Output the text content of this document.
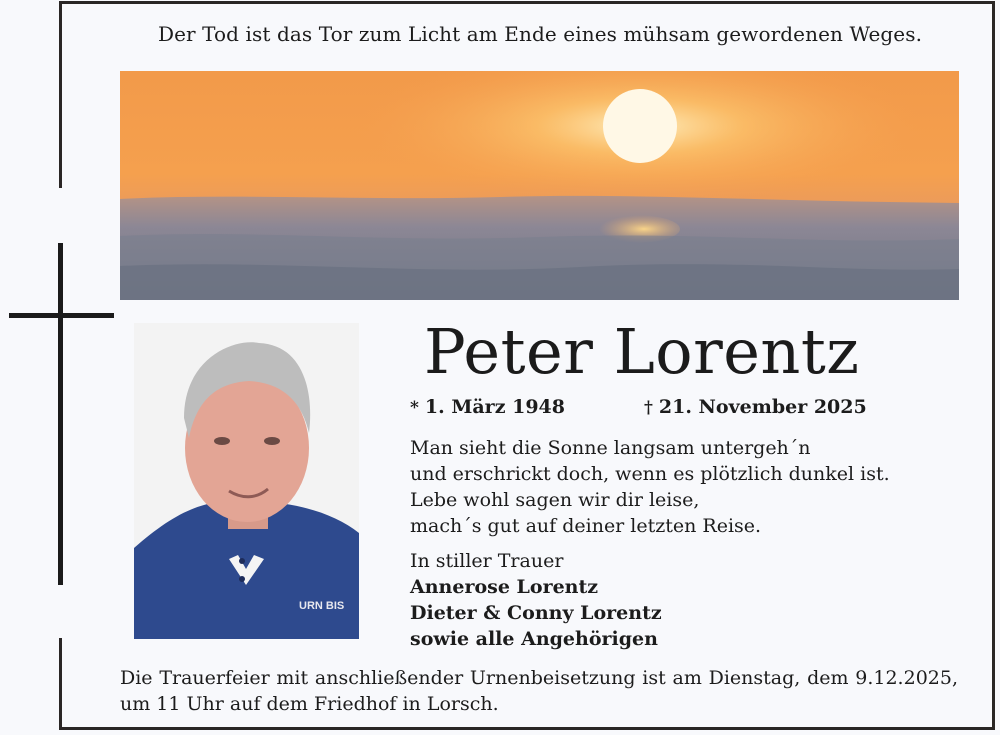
Der Tod ist das Tor zum Licht am Ende eines mühsam gewordenen Weges.
URN BIS
Peter Lorentz
* 1. März 1948	† 21. November 2025
Man sieht die Sonne langsam untergeh´n
und erschrickt doch, wenn es plötzlich dunkel ist.
Lebe wohl sagen wir dir leise,
mach´s gut auf deiner letzten Reise.
In stiller Trauer
Annerose Lorentz
Dieter & Conny Lorentz
sowie alle Angehörigen
Die Trauerfeier mit anschließender Urnenbeisetzung ist am Dienstag, dem 9.12.2025, um 11 Uhr auf dem Friedhof in Lorsch.
